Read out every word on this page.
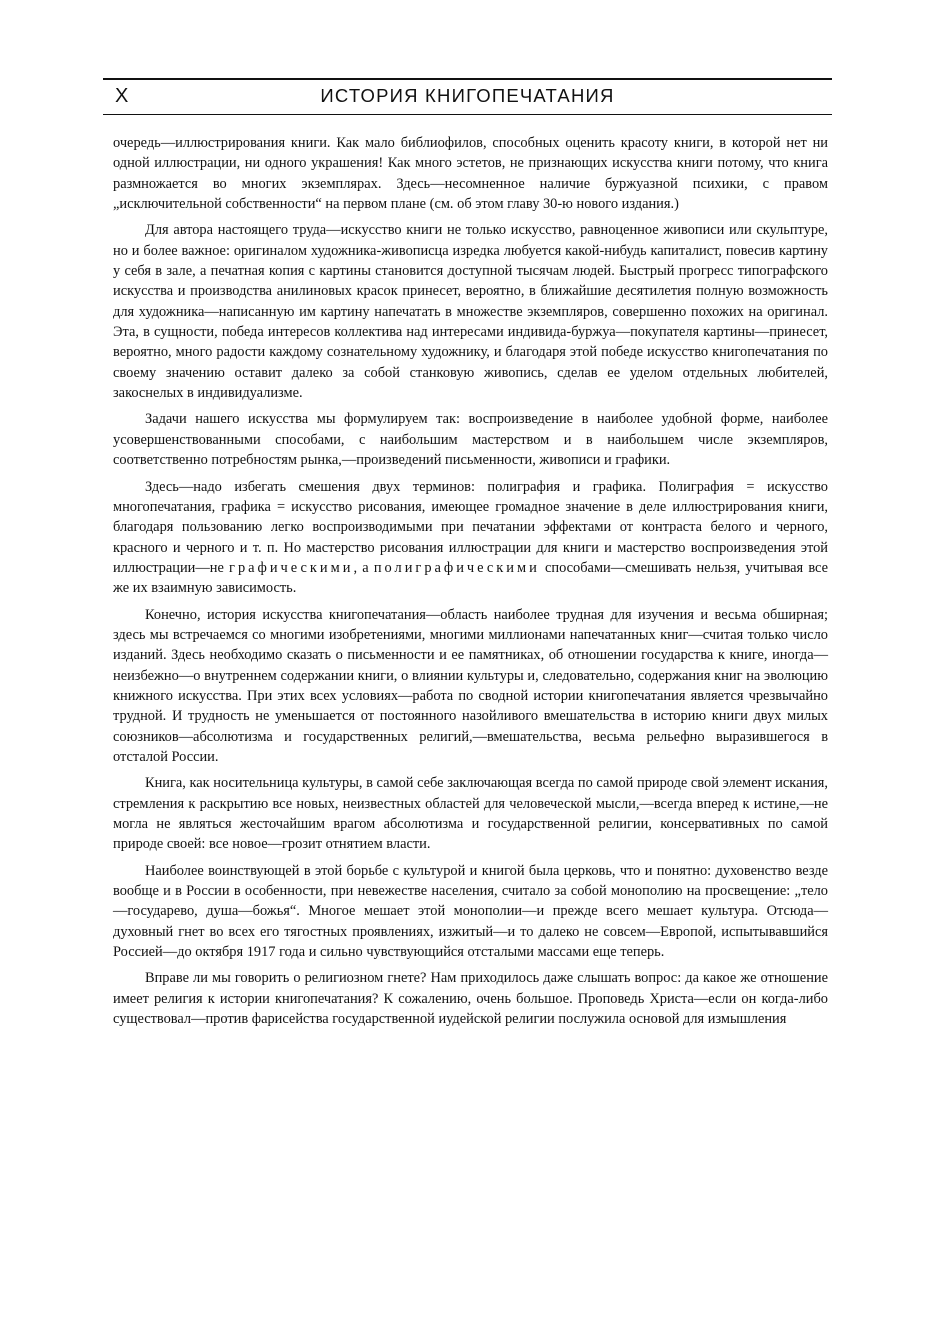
X	ИСТОРИЯ КНИГОПЕЧАТАНИЯ

очередь—иллюстрирования книги. Как мало библиофилов, способных оценить красоту книги, в которой нет ни одной иллюстрации, ни одного украшения! Как много эстетов, не признающих искусства книги потому, что книга размножается во многих экземплярах. Здесь—несомненное наличие буржуазной психики, с правом „исключительной собственности“ на первом плане (см. об этом главу 30-ю нового издания.)

Для автора настоящего труда—искусство книги не только искусство, равноценное живописи или скульптуре, но и более важное: оригиналом художника-живописца изредка любуется какой-нибудь капиталист, повесив картину у себя в зале, а печатная копия с картины становится доступной тысячам людей. Быстрый прогресс типографского искусства и производства анилиновых красок принесет, вероятно, в ближайшие десятилетия полную возможность для художника—написанную им картину напечатать в множестве экземпляров, совершенно похожих на оригинал. Эта, в сущности, победа интересов коллектива над интересами индивида-буржуа—покупателя картины—принесет, вероятно, много радости каждому сознательному художнику, и благодаря этой победе искусство книгопечатания по своему значению оставит далеко за собой станковую живопись, сделав ее уделом отдельных любителей, закоснелых в индивидуализме.

Задачи нашего искусства мы формулируем так: воспроизведение в наиболее удобной форме, наиболее усовершенствованными способами, с наибольшим мастерством и в наибольшем числе экземпляров, соответственно потребностям рынка,—произведений письменности, живописи и графики.

Здесь—надо избегать смешения двух терминов: полиграфия и графика. Полиграфия = искусство многопечатания, графика = искусство рисования, имеющее громадное значение в деле иллюстрирования книги, благодаря пользованию легко воспроизводимыми при печатании эффектами от контраста белого и черного, красного и черного и т. п. Но мастерство рисования иллюстрации для книги и мастерство воспроизведения этой иллюстрации—не графическими, а полиграфическими способами—смешивать нельзя, учитывая все же их взаимную зависимость.

Конечно, история искусства книгопечатания—область наиболее трудная для изучения и весьма обширная; здесь мы встречаемся со многими изобретениями, многими миллионами напечатанных книг—считая только число изданий. Здесь необходимо сказать о письменности и ее памятниках, об отношении государства к книге, иногда—неизбежно—о внутреннем содержании книги, о влиянии культуры и, следовательно, содержания книг на эволюцию книжного искусства. При этих всех условиях—работа по сводной истории книгопечатания является чрезвычайно трудной. И трудность не уменьшается от постоянного назойливого вмешательства в историю книги двух милых союзников—абсолютизма и государственных религий,—вмешательства, весьма рельефно выразившегося в отсталой России.

Книга, как носительница культуры, в самой себе заключающая всегда по самой природе свой элемент искания, стремления к раскрытию все новых, неизвестных областей для человеческой мысли,—всегда вперед к истине,—не могла не являться жесточайшим врагом абсолютизма и государственной религии, консервативных по самой природе своей: все новое—грозит отнятием власти.

Наиболее воинствующей в этой борьбе с культурой и книгой была церковь, что и понятно: духовенство везде вообще и в России в особенности, при невежестве населения, считало за собой монополию на просвещение: „тело—государево, душа—божья“. Многое мешает этой монополии—и прежде всего мешает культура. Отсюда—духовный гнет во всех его тягостных проявлениях, изжитый—и то далеко не совсем—Европой, испытывавшийся Россией—до октября 1917 года и сильно чувствующийся отсталыми массами еще теперь.

Вправе ли мы говорить о религиозном гнете? Нам приходилось даже слышать вопрос: да какое же отношение имеет религия к истории книгопечатания? К сожалению, очень большое. Проповедь Христа—если он когда-либо существовал—против фарисейства государственной иудейской религии послужила основой для измышления
